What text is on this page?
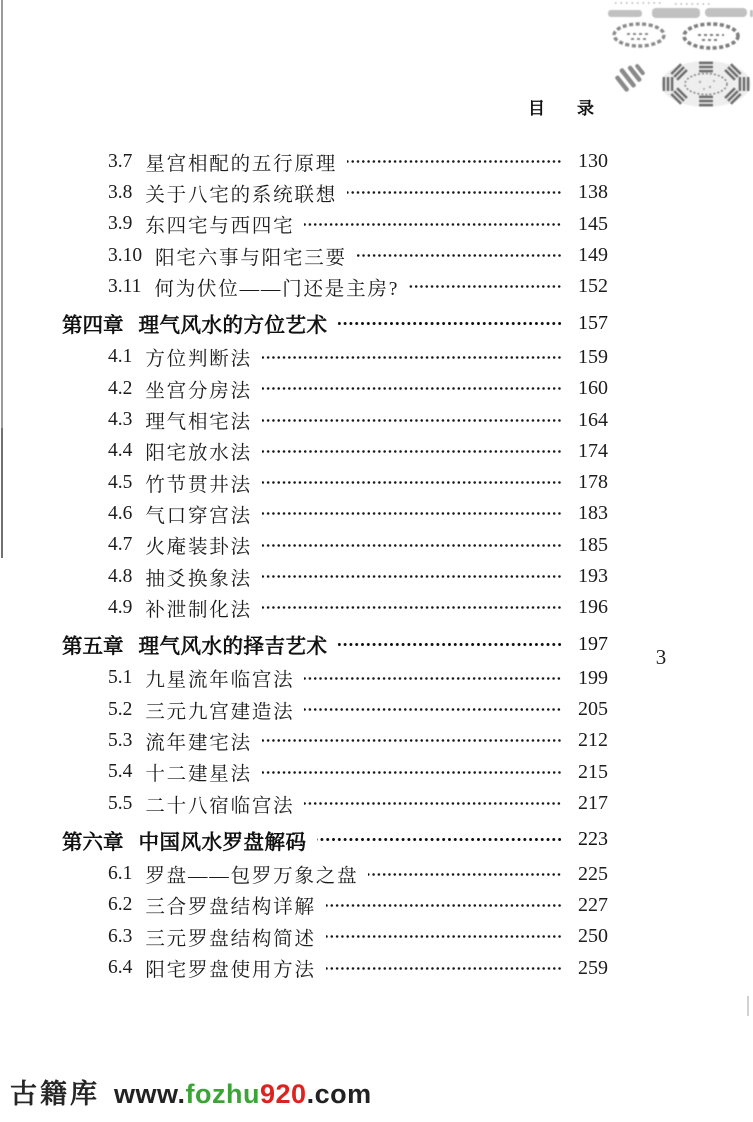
目 录
3.7 星宫相配的五行原理	130
3.8 关于八宅的系统联想	138
3.9 东四宅与西四宅	145
3.10 阳宅六事与阳宅三要	149
3.11 何为伏位——门还是主房?	152
第四章 理气风水的方位艺术	157
4.1 方位判断法	159
4.2 坐宫分房法	160
4.3 理气相宅法	164
4.4 阳宅放水法	174
4.5 竹节贯井法	178
4.6 气口穿宫法	183
4.7 火庵装卦法	185
4.8 抽爻换象法	193
4.9 补泄制化法	196
第五章 理气风水的择吉艺术	197
5.1 九星流年临宫法	199
5.2 三元九宫建造法	205
5.3 流年建宅法	212
5.4 十二建星法	215
5.5 二十八宿临宫法	217
第六章 中国风水罗盘解码	223
6.1 罗盘——包罗万象之盘	225
6.2 三合罗盘结构详解	227
6.3 三元罗盘结构简述	250
6.4 阳宅罗盘使用方法	259
3
古籍库 www.fozhu920.com
